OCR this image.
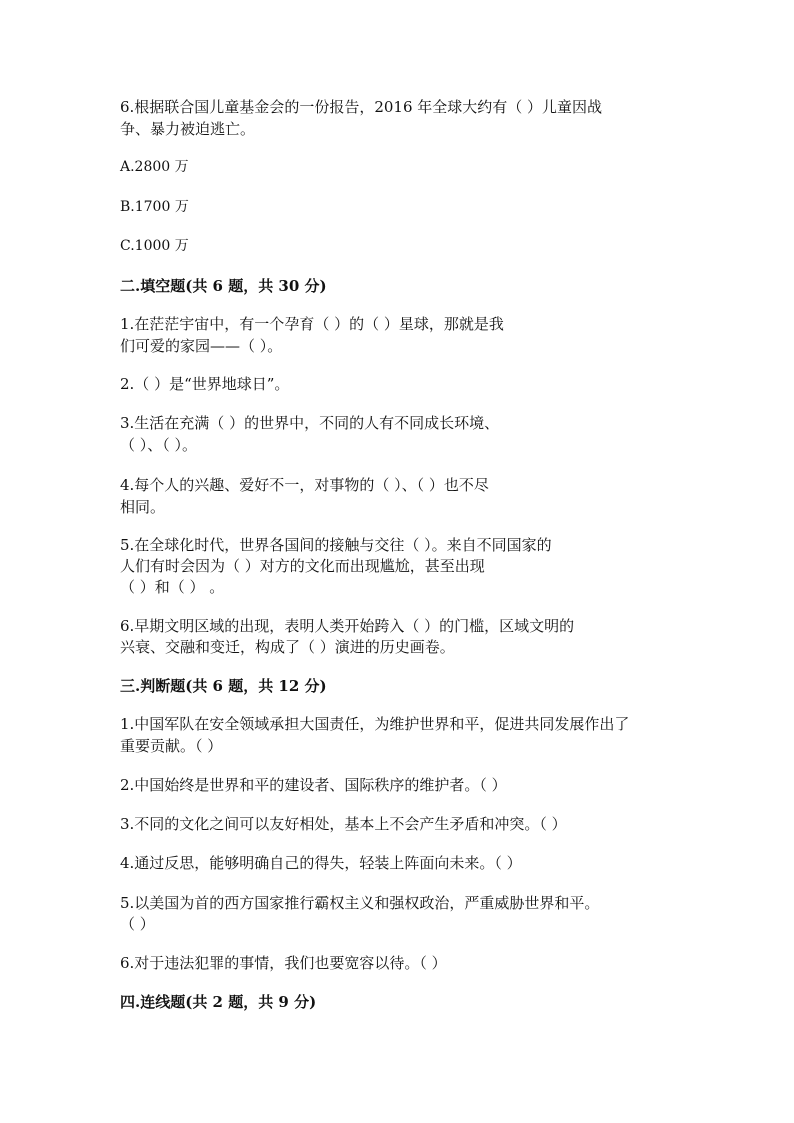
6.根据联合国儿童基金会的一份报告，2016 年全球大约有（ ）儿童因战
争、暴力被迫逃亡。
A.2800 万
B.1700 万
C.1000 万
二.填空题(共 6 题，共 30 分)
1.在茫茫宇宙中，有一个孕育（ ）的（ ）星球，那就是我
们可爱的家园——（ ）。
2.（ ）是“世界地球日”。
3.生活在充满（ ）的世界中，不同的人有不同成长环境、
（ ）、（ ）。
4.每个人的兴趣、爱好不一，对事物的（ ）、（ ）也不尽
相同。
5.在全球化时代，世界各国间的接触与交往（ ）。来自不同国家的
人们有时会因为（ ）对方的文化而出现尴尬，甚至出现
（ ）和（ ） 。
6.早期文明区域的出现，表明人类开始跨入（ ）的门槛，区域文明的
兴衰、交融和变迁，构成了（ ）演进的历史画卷。
三.判断题(共 6 题，共 12 分)
1.中国军队在安全领域承担大国责任，为维护世界和平，促进共同发展作出了
重要贡献。（ ）
2.中国始终是世界和平的建设者、国际秩序的维护者。（ ）
3.不同的文化之间可以友好相处，基本上不会产生矛盾和冲突。（ ）
4.通过反思，能够明确自己的得失，轻装上阵面向未来。（ ）
5.以美国为首的西方国家推行霸权主义和强权政治，严重威胁世界和平。
（ ）
6.对于违法犯罪的事情，我们也要宽容以待。（ ）
四.连线题(共 2 题，共 9 分)
